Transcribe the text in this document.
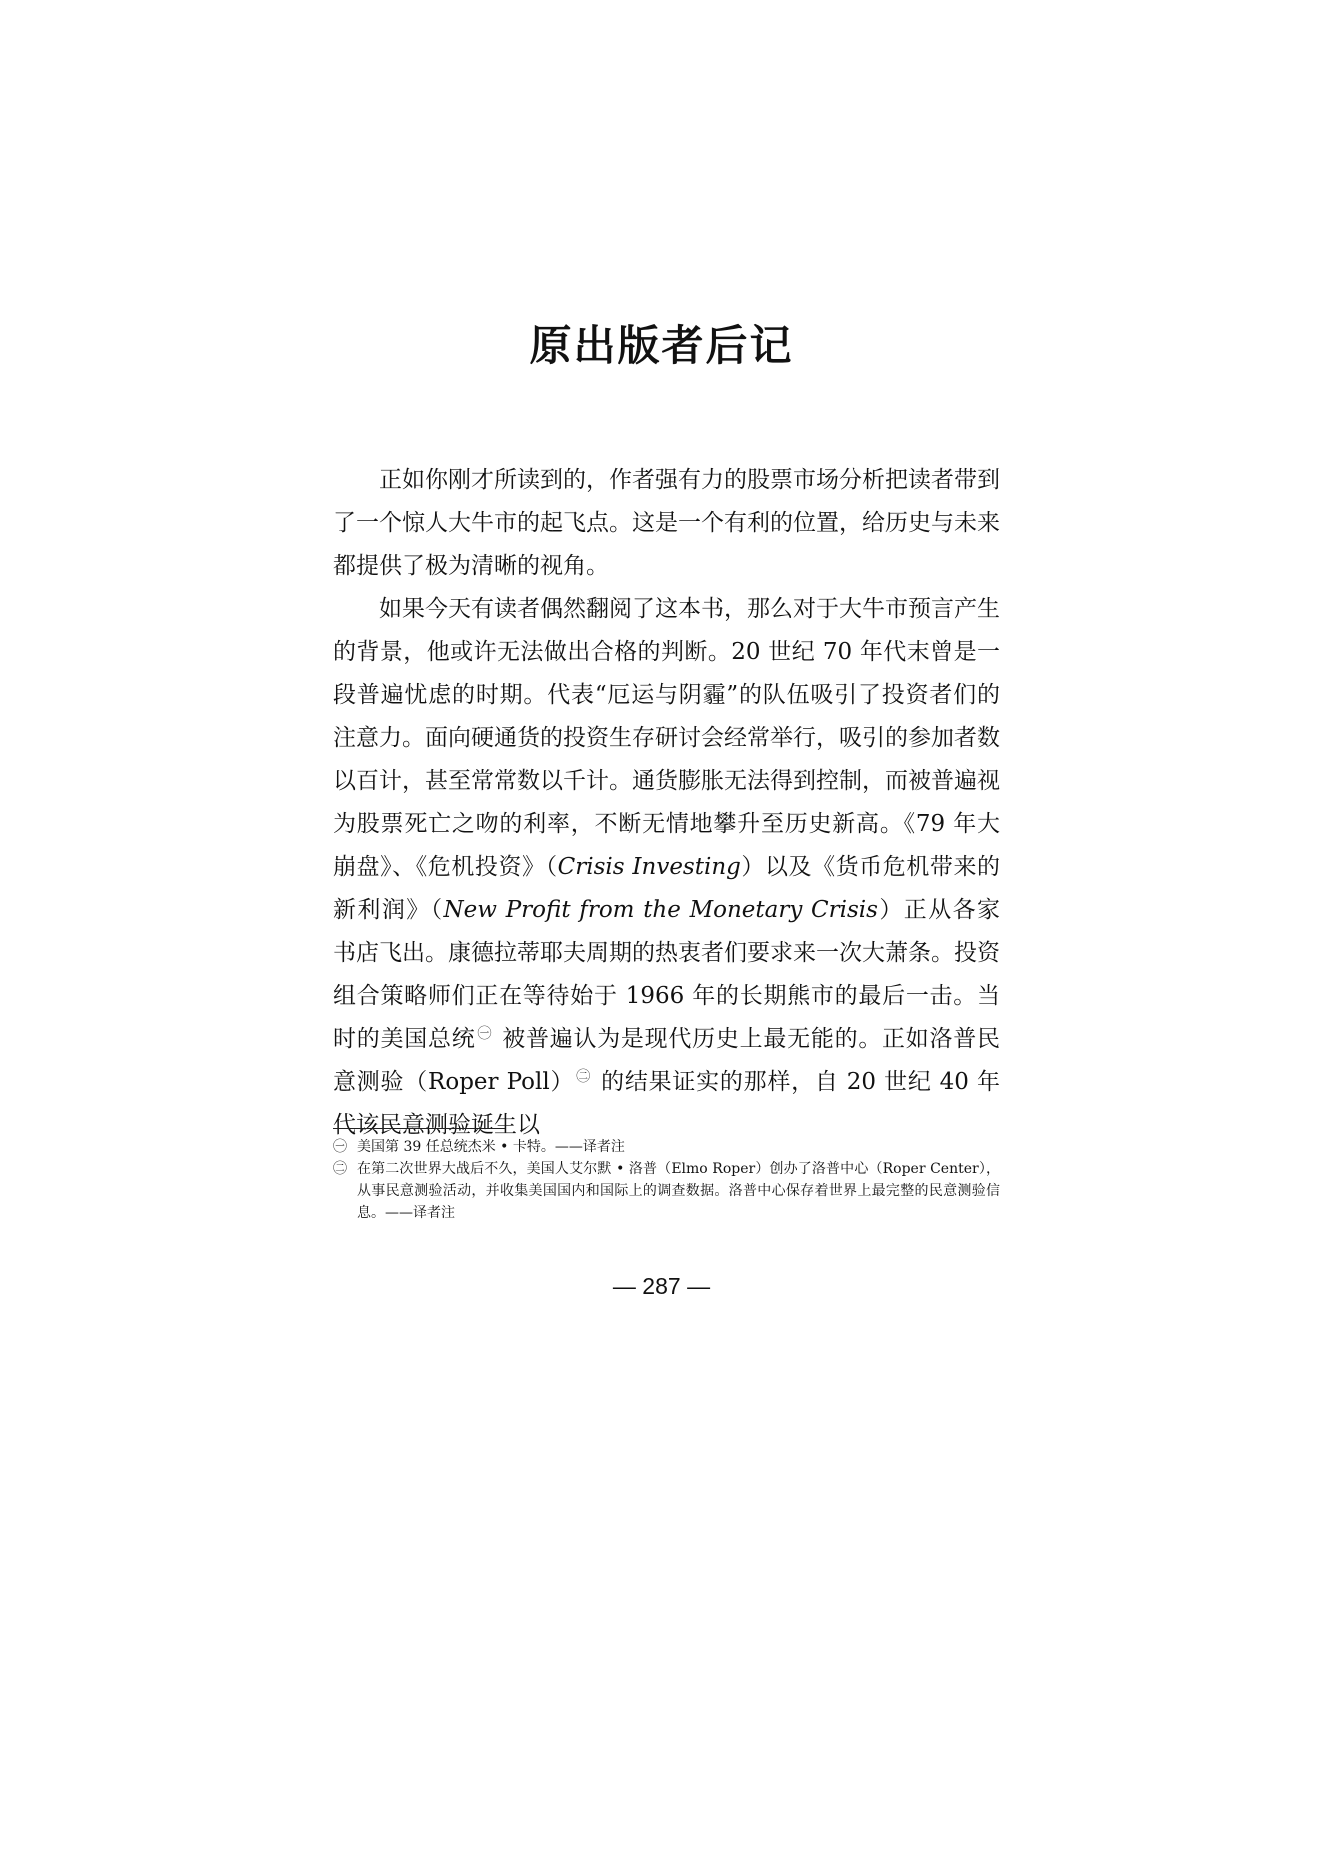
原出版者后记

正如你刚才所读到的，作者强有力的股票市场分析把读者带到了一个惊人大牛市的起飞点。这是一个有利的位置，给历史与未来都提供了极为清晰的视角。

如果今天有读者偶然翻阅了这本书，那么对于大牛市预言产生的背景，他或许无法做出合格的判断。20 世纪 70 年代末曾是一段普遍忧虑的时期。代表“厄运与阴霾”的队伍吸引了投资者们的注意力。面向硬通货的投资生存研讨会经常举行，吸引的参加者数以百计，甚至常常数以千计。通货膨胀无法得到控制，而被普遍视为股票死亡之吻的利率，不断无情地攀升至历史新高。《79 年大崩盘》、《危机投资》（Crisis Investing）以及《货币危机带来的新利润》（New Profit from the Monetary Crisis）正从各家书店飞出。康德拉蒂耶夫周期的热衷者们要求来一次大萧条。投资组合策略师们正在等待始于 1966 年的长期熊市的最后一击。当时的美国总统 $^㊀$ 被普遍认为是现代历史上最无能的。正如洛普民意测验（Roper Poll） $^㊁$ 的结果证实的那样，自 20 世纪 40 年代该民意测验诞生以

㊀ 美国第 39 任总统杰米 • 卡特。——译者注

㊁ 在第二次世界大战后不久，美国人艾尔默 • 洛普（Elmo Roper）创办了洛普中心（Roper Center），从事民意测验活动，并收集美国国内和国际上的调查数据。洛普中心保存着世界上最完整的民意测验信息。——译者注

— 287 —
